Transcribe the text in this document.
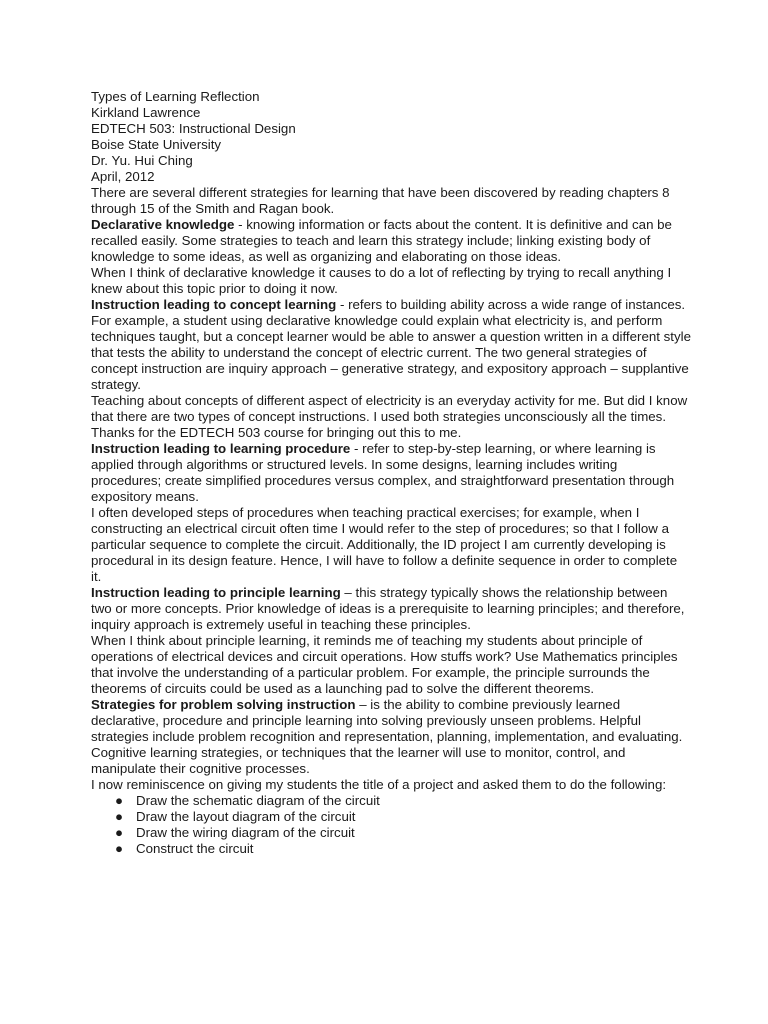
Types of Learning Reflection

Kirkland Lawrence

EDTECH 503: Instructional Design

Boise State University

Dr. Yu. Hui Ching

April, 2012

There are several different strategies for learning that have been discovered by reading chapters 8 through 15 of the Smith and Ragan book.

Declarative knowledge - knowing information or facts about the content. It is definitive and can be recalled easily. Some strategies to teach and learn this strategy include; linking existing body of knowledge to some ideas, as well as organizing and elaborating on those ideas.

When I think of declarative knowledge it causes to do a lot of reflecting by trying to recall anything I knew about this topic prior to doing it now.

Instruction leading to concept learning - refers to building ability across a wide range of instances. For example, a student using declarative knowledge could explain what electricity is, and perform techniques taught, but a concept learner would be able to answer a question written in a different style that tests the ability to understand the concept of electric current. The two general strategies of concept instruction are inquiry approach – generative strategy, and expository approach – supplantive strategy.

Teaching about concepts of different aspect of electricity is an everyday activity for me. But did I know that there are two types of concept instructions. I used both strategies unconsciously all the times. Thanks for the EDTECH 503 course for bringing out this to me.

Instruction leading to learning procedure - refer to step-by-step learning, or where learning is applied through algorithms or structured levels. In some designs, learning includes writing procedures; create simplified procedures versus complex, and straightforward presentation through expository means.

I often developed steps of procedures when teaching practical exercises; for example, when I constructing an electrical circuit often time I would refer to the step of procedures; so that I follow a particular sequence to complete the circuit. Additionally, the ID project I am currently developing is procedural in its design feature. Hence, I will have to follow a definite sequence in order to complete it.

Instruction leading to principle learning – this strategy typically shows the relationship between two or more concepts. Prior knowledge of ideas is a prerequisite to learning principles; and therefore, inquiry approach is extremely useful in teaching these principles.

When I think about principle learning, it reminds me of teaching my students about principle of operations of electrical devices and circuit operations. How stuffs work? Use Mathematics principles that involve the understanding of a particular problem. For example, the principle surrounds the theorems of circuits could be used as a launching pad to solve the different theorems.

Strategies for problem solving instruction – is the ability to combine previously learned declarative, procedure and principle learning into solving previously unseen problems. Helpful strategies include problem recognition and representation, planning, implementation, and evaluating. Cognitive learning strategies, or techniques that the learner will use to monitor, control, and manipulate their cognitive processes.

I now reminiscence on giving my students the title of a project and asked them to do the following:

● Draw the schematic diagram of the circuit
● Draw the layout diagram of the circuit
● Draw the wiring diagram of the circuit
● Construct the circuit
